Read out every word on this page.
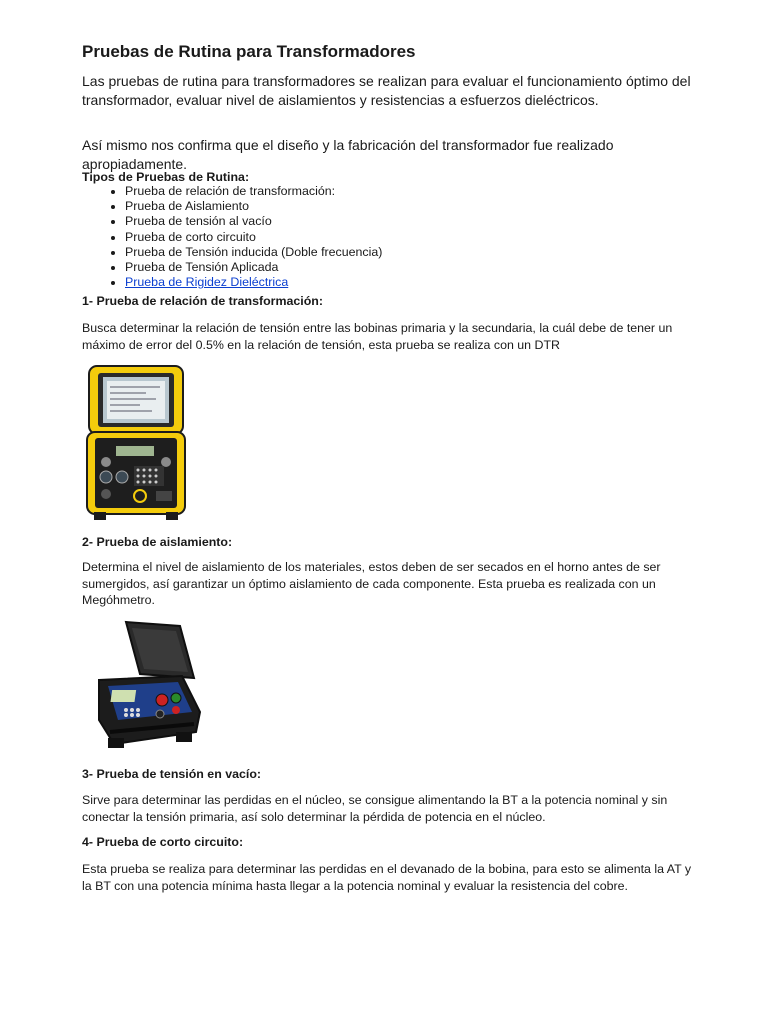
Pruebas de Rutina para Transformadores

Las pruebas de rutina para transformadores se realizan para evaluar el funcionamiento óptimo del transformador, evaluar nivel de aislamientos y resistencias a esfuerzos dieléctricos.

Así mismo nos confirma que el diseño y la fabricación del transformador fue realizado apropiadamente.

Tipos de Pruebas de Rutina:

• Prueba de relación de transformación:
• Prueba de Aislamiento
• Prueba de tensión al vacío
• Prueba de corto circuito
• Prueba de Tensión inducida (Doble frecuencia)
• Prueba de Tensión Aplicada
• Prueba de Rigidez Dieléctrica

1- Prueba de relación de transformación:

Busca determinar la relación de tensión entre las bobinas primaria y la secundaria, la cuál debe de tener un máximo de error del 0.5% en la relación de tensión, esta prueba se realiza con un DTR

2- Prueba de aislamiento:

Determina el nivel de aislamiento de los materiales, estos deben de ser secados en el horno antes de ser sumergidos, así garantizar un óptimo aislamiento de cada componente. Esta prueba es realizada con un Megóhmetro.

3- Prueba de tensión en vacío:

Sirve para determinar las perdidas en el núcleo, se consigue alimentando la BT a la potencia nominal y sin conectar la tensión primaria, así solo determinar la pérdida de potencia en el núcleo.

4- Prueba de corto circuito:

Esta prueba se realiza para determinar las perdidas en el devanado de la bobina, para esto se alimenta la AT y la BT con una potencia mínima hasta llegar a la potencia nominal y evaluar la resistencia del cobre.
